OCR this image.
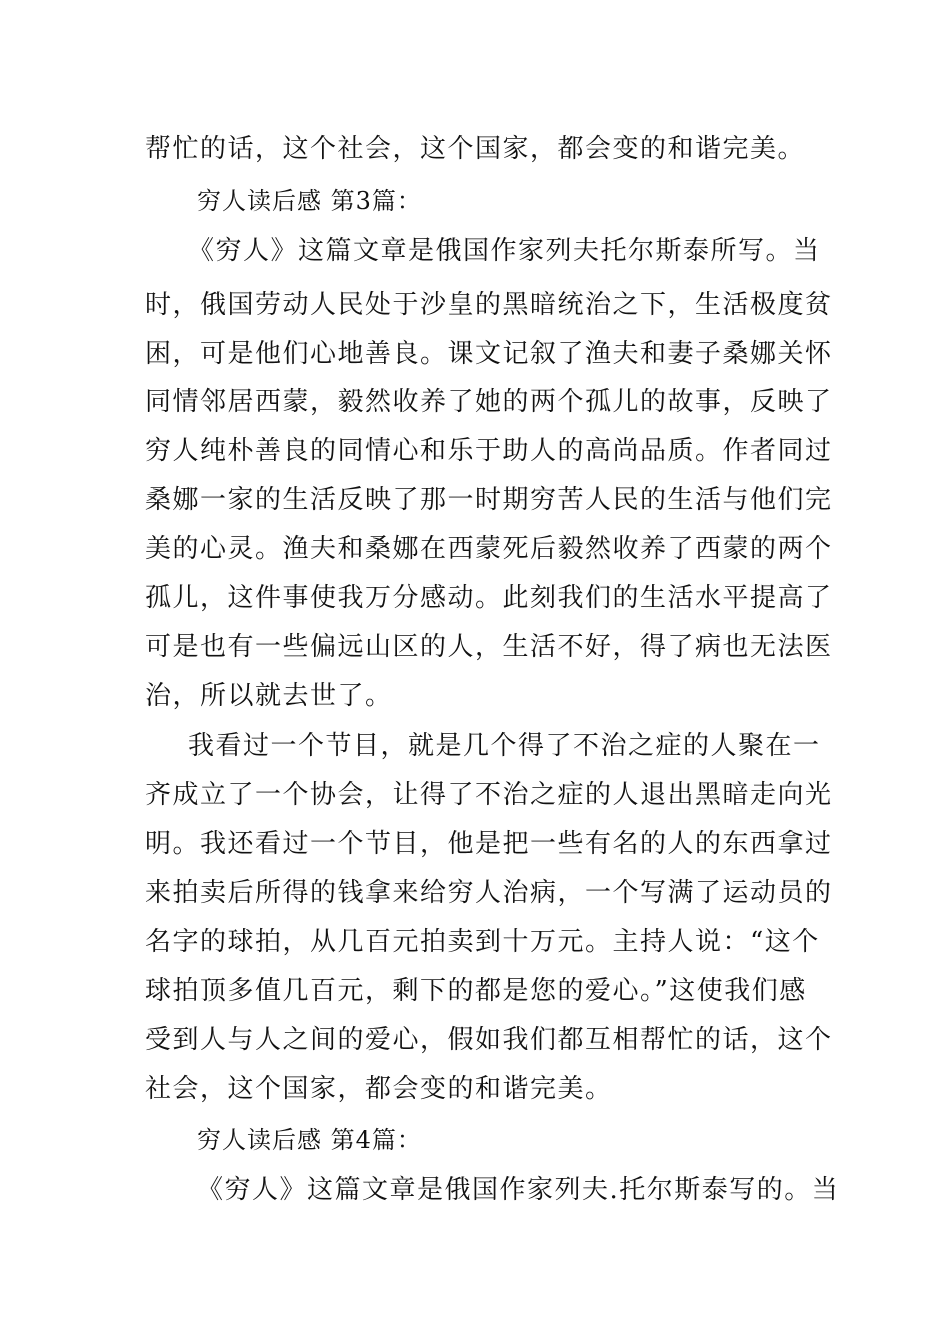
帮忙的话，这个社会，这个国家，都会变的和谐完美。
穷人读后感 第3篇：
《穷人》这篇文章是俄国作家列夫托尔斯泰所写。当
时，俄国劳动人民处于沙皇的黑暗统治之下，生活极度贫
困，可是他们心地善良。课文记叙了渔夫和妻子桑娜关怀
同情邻居西蒙，毅然收养了她的两个孤儿的故事，反映了
穷人纯朴善良的同情心和乐于助人的高尚品质。作者同过
桑娜一家的生活反映了那一时期穷苦人民的生活与他们完
美的心灵。渔夫和桑娜在西蒙死后毅然收养了西蒙的两个
孤儿，这件事使我万分感动。此刻我们的生活水平提高了
可是也有一些偏远山区的人，生活不好，得了病也无法医
治，所以就去世了。
我看过一个节目，就是几个得了不治之症的人聚在一
齐成立了一个协会，让得了不治之症的人退出黑暗走向光
明。我还看过一个节目，他是把一些有名的人的东西拿过
来拍卖后所得的钱拿来给穷人治病，一个写满了运动员的
名字的球拍，从几百元拍卖到十万元。主持人说：“这个
球拍顶多值几百元，剩下的都是您的爱心。”这使我们感
受到人与人之间的爱心，假如我们都互相帮忙的话，这个
社会，这个国家，都会变的和谐完美。
穷人读后感 第4篇：
《穷人》这篇文章是俄国作家列夫.托尔斯泰写的。当
